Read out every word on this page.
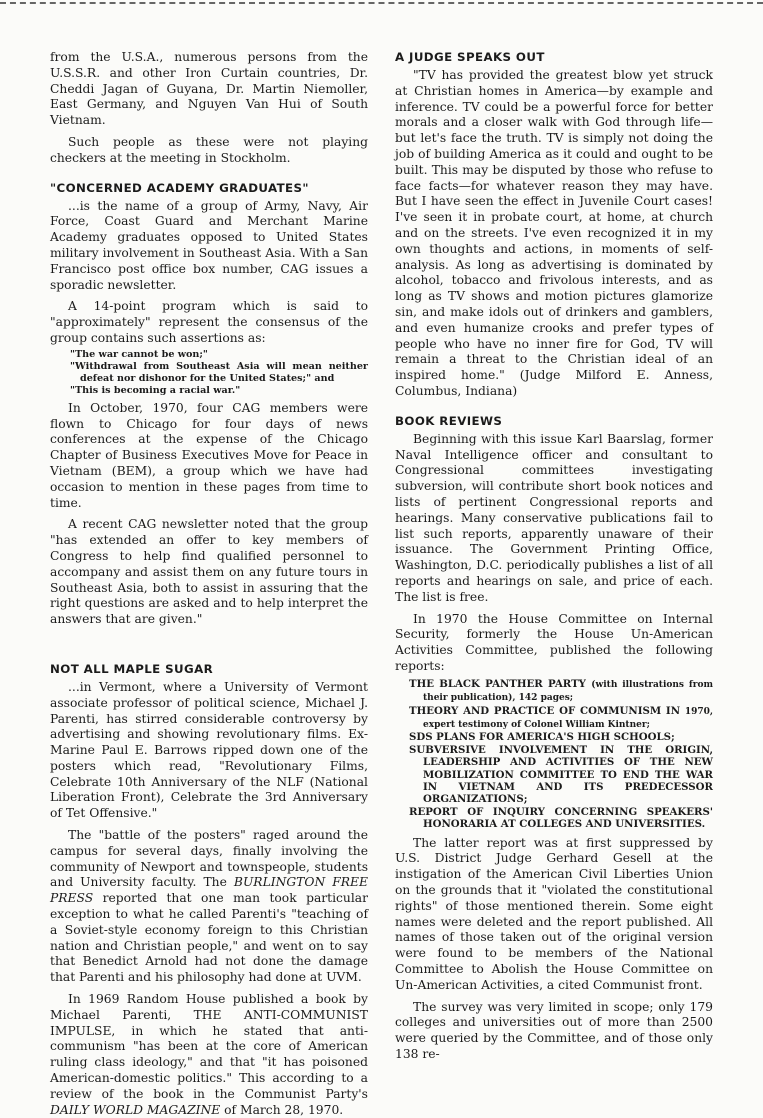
from the U.S.A., numerous persons from the U.S.S.R. and other Iron Curtain countries, Dr. Cheddi Jagan of Guyana, Dr. Martin Niemoller, East Germany, and Nguyen Van Hui of South Vietnam.

Such people as these were not playing checkers at the meeting in Stockholm.

"CONCERNED ACADEMY GRADUATES"

...is the name of a group of Army, Navy, Air Force, Coast Guard and Merchant Marine Academy graduates opposed to United States military involvement in Southeast Asia. With a San Francisco post office box number, CAG issues a sporadic newsletter.

A 14-point program which is said to "approximately" represent the consensus of the group contains such assertions as:

"The war cannot be won;"
"Withdrawal from Southeast Asia will mean neither defeat nor dishonor for the United States;" and
"This is becoming a racial war."

In October, 1970, four CAG members were flown to Chicago for four days of news conferences at the expense of the Chicago Chapter of Business Executives Move for Peace in Vietnam (BEM), a group which we have had occasion to mention in these pages from time to time.

A recent CAG newsletter noted that the group "has extended an offer to key members of Congress to help find qualified personnel to accompany and assist them on any future tours in Southeast Asia, both to assist in assuring that the right questions are asked and to help interpret the answers that are given."

NOT ALL MAPLE SUGAR

...in Vermont, where a University of Vermont associate professor of political science, Michael J. Parenti, has stirred considerable controversy by advertising and showing revolutionary films. Ex-Marine Paul E. Barrows ripped down one of the posters which read, "Revolutionary Films, Celebrate 10th Anniversary of the NLF (National Liberation Front), Celebrate the 3rd Anniversary of Tet Offensive."

The "battle of the posters" raged around the campus for several days, finally involving the community of Newport and townspeople, students and University faculty. The BURLINGTON FREE PRESS reported that one man took particular exception to what he called Parenti's "teaching of a Soviet-style economy foreign to this Christian nation and Christian people," and went on to say that Benedict Arnold had not done the damage that Parenti and his philosophy had done at UVM.

In 1969 Random House published a book by Michael Parenti, THE ANTI-COMMUNIST IMPULSE, in which he stated that anti-communism "has been at the core of American ruling class ideology," and that "it has poisoned American-domestic politics." This according to a review of the book in the Communist Party's DAILY WORLD MAGAZINE of March 28, 1970.

A JUDGE SPEAKS OUT

"TV has provided the greatest blow yet struck at Christian homes in America—by example and inference. TV could be a powerful force for better morals and a closer walk with God through life—but let's face the truth. TV is simply not doing the job of building America as it could and ought to be built. This may be disputed by those who refuse to face facts—for whatever reason they may have. But I have seen the effect in Juvenile Court cases! I've seen it in probate court, at home, at church and on the streets. I've even recognized it in my own thoughts and actions, in moments of self-analysis. As long as advertising is dominated by alcohol, tobacco and frivolous interests, and as long as TV shows and motion pictures glamorize sin, and make idols out of drinkers and gamblers, and even humanize crooks and prefer types of people who have no inner fire for God, TV will remain a threat to the Christian ideal of an inspired home." (Judge Milford E. Anness, Columbus, Indiana)

BOOK REVIEWS

Beginning with this issue Karl Baarslag, former Naval Intelligence officer and consultant to Congressional committees investigating subversion, will contribute short book notices and lists of pertinent Congressional reports and hearings. Many conservative publications fail to list such reports, apparently unaware of their issuance. The Government Printing Office, Washington, D.C. periodically publishes a list of all reports and hearings on sale, and price of each. The list is free.

In 1970 the House Committee on Internal Security, formerly the House Un-American Activities Committee, published the following reports:

THE BLACK PANTHER PARTY (with illustrations from their publication), 142 pages;
THEORY AND PRACTICE OF COMMUNISM IN 1970, expert testimony of Colonel William Kintner;
SDS PLANS FOR AMERICA'S HIGH SCHOOLS;
SUBVERSIVE INVOLVEMENT IN THE ORIGIN, LEADERSHIP AND ACTIVITIES OF THE NEW MOBILIZATION COMMITTEE TO END THE WAR IN VIETNAM AND ITS PREDECESSOR ORGANIZATIONS;
REPORT OF INQUIRY CONCERNING SPEAKERS' HONORARIA AT COLLEGES AND UNIVERSITIES.

The latter report was at first suppressed by U.S. District Judge Gerhard Gesell at the instigation of the American Civil Liberties Union on the grounds that it "violated the constitutional rights" of those mentioned therein. Some eight names were deleted and the report published. All names of those taken out of the original version were found to be members of the National Committee to Abolish the House Committee on Un-American Activities, a cited Communist front.

The survey was very limited in scope; only 179 colleges and universities out of more than 2500 were queried by the Committee, and of those only 138 re-
